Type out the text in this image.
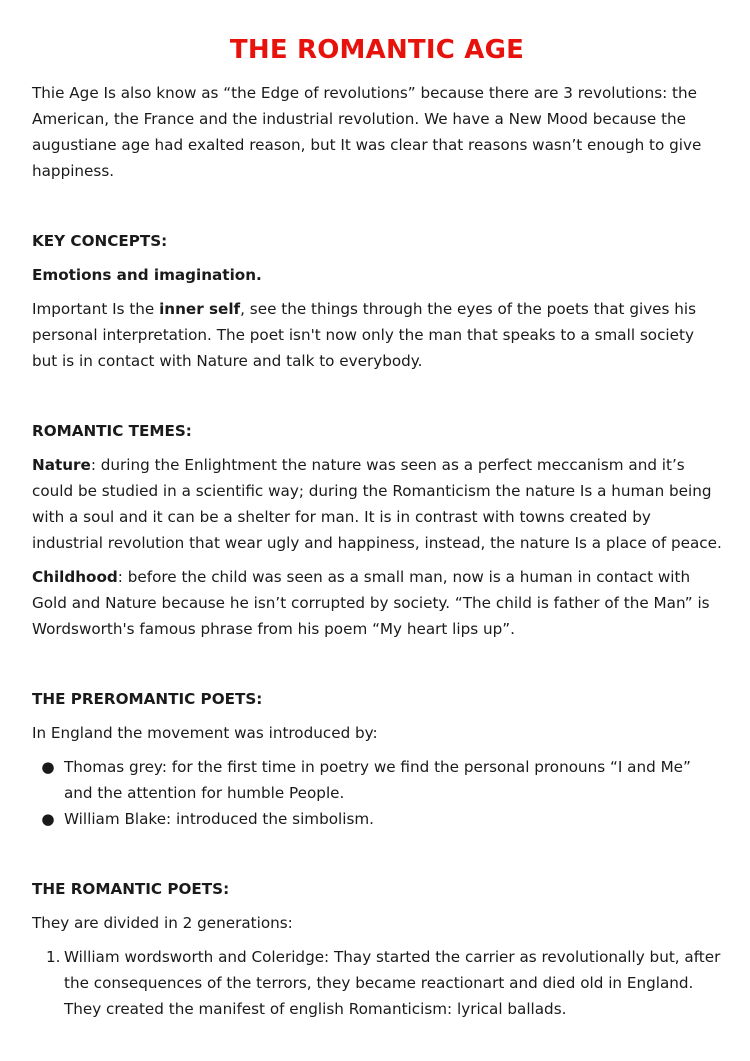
THE ROMANTIC AGE

Thie Age Is also know as “the Edge of revolutions” because there are 3 revolutions: the American, the France and the industrial revolution. We have a New Mood because the augustiane age had exalted reason, but It was clear that reasons wasn’t enough to give happiness.

KEY CONCEPTS:

Emotions and imagination.

Important Is the inner self, see the things through the eyes of the poets that gives his personal interpretation. The poet isn't now only the man that speaks to a small society but is in contact with Nature and talk to everybody.

ROMANTIC TEMES:

Nature: during the Enlightment the nature was seen as a perfect meccanism and it’s could be studied in a scientific way; during the Romanticism the nature Is a human being with a soul and it can be a shelter for man. It is in contrast with towns created by industrial revolution that wear ugly and happiness, instead, the nature Is a place of peace.

Childhood: before the child was seen as a small man, now is a human in contact with Gold and Nature because he isn’t corrupted by society. “The child is father of the Man” is Wordsworth's famous phrase from his poem “My heart lips up”.

THE PREROMANTIC POETS:

In England the movement was introduced by:

● Thomas grey: for the first time in poetry we find the personal pronouns “I and Me” and the attention for humble People.
● William Blake: introduced the simbolism.

THE ROMANTIC POETS:

They are divided in 2 generations:

1. William wordsworth and Coleridge: Thay started the carrier as revolutionally but, after the consequences of the terrors, they became reactionart and died old in England. They created the manifest of english Romanticism: lyrical ballads.
